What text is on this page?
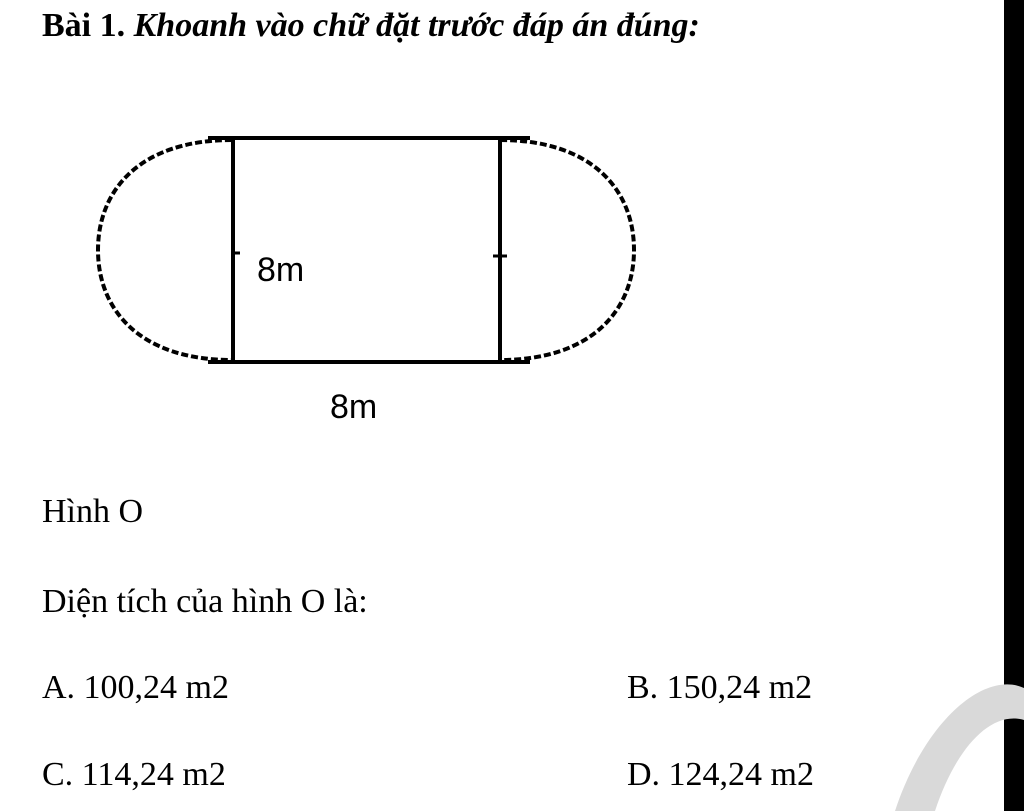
Bài 1. Khoanh vào chữ đặt trước đáp án đúng:
8m
8m
Hình O
Diện tích của hình O là:
A. 100,24 m2	B. 150,24 m2
C. 114,24 m2	D. 124,24 m2
